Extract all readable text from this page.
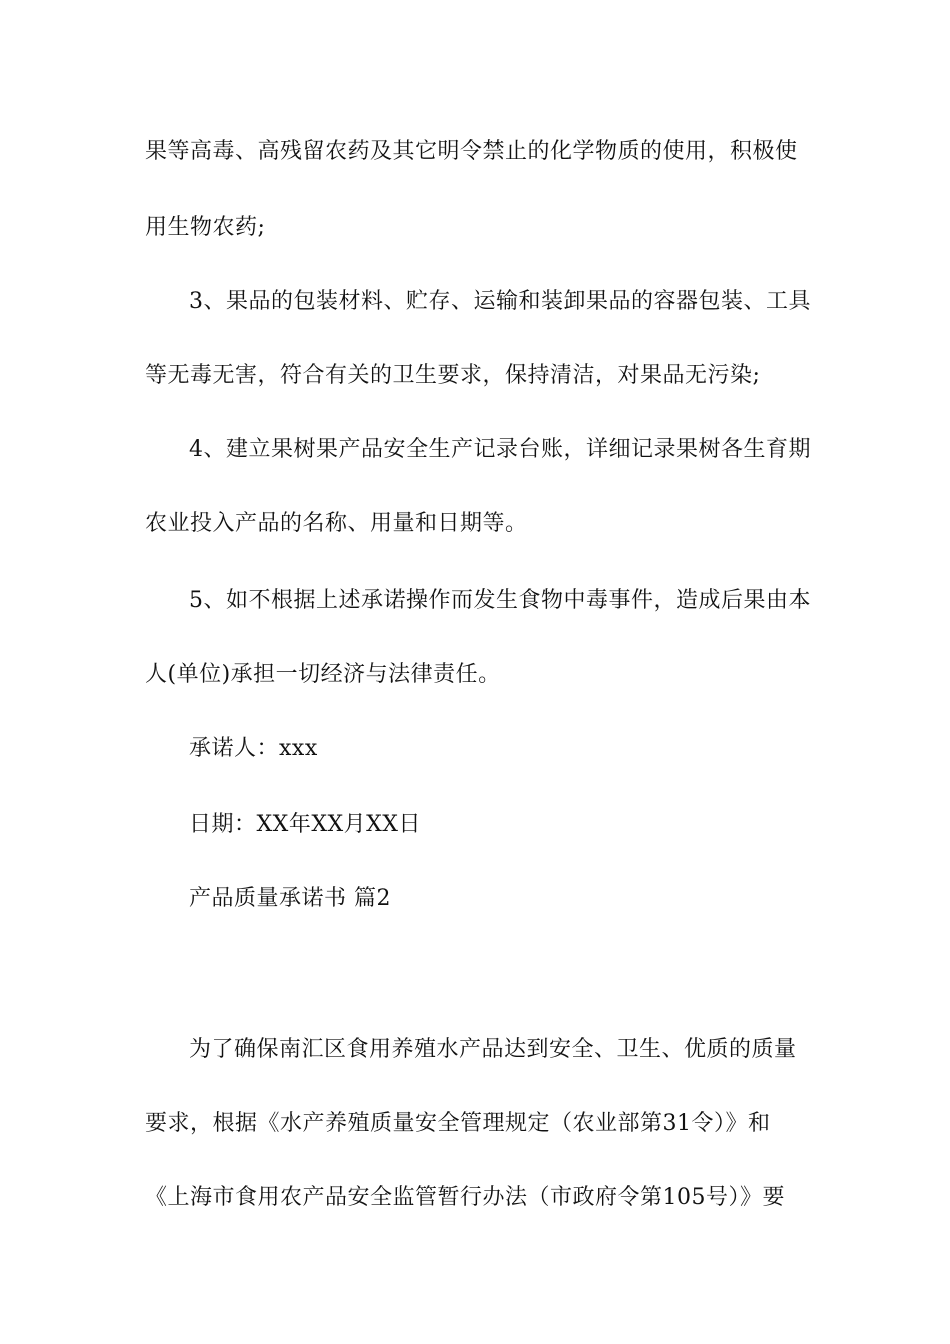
果等高毒、高残留农药及其它明令禁止的化学物质的使用，积极使
用生物农药;
3、果品的包装材料、贮存、运输和装卸果品的容器包装、工具
等无毒无害，符合有关的卫生要求，保持清洁，对果品无污染;
4、建立果树果产品安全生产记录台账，详细记录果树各生育期
农业投入产品的名称、用量和日期等。
5、如不根据上述承诺操作而发生食物中毒事件，造成后果由本
人(单位)承担一切经济与法律责任。
承诺人：xxx
日期：XX年XX月XX日
产品质量承诺书 篇2
为了确保南汇区食用养殖水产品达到安全、卫生、优质的质量
要求，根据《水产养殖质量安全管理规定（农业部第31令）》和
《上海市食用农产品安全监管暂行办法（市政府令第105号）》要
